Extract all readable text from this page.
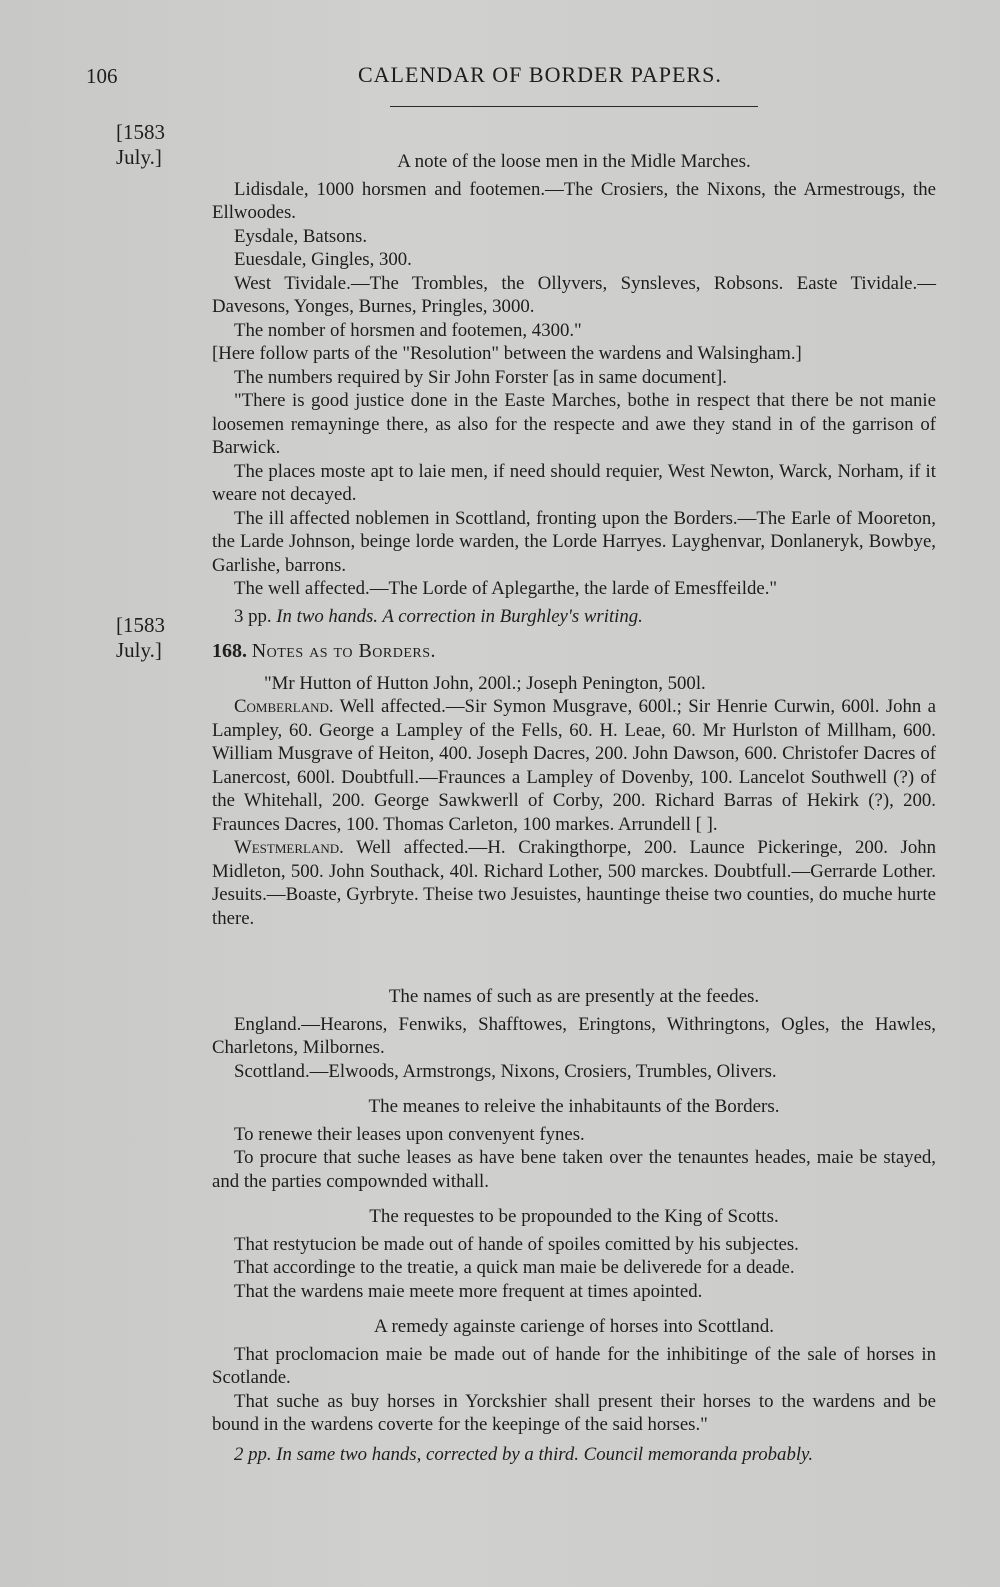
106	CALENDAR OF BORDER PAPERS.
[1583
July.]
[1583
July.]

A note of the loose men in the Midle Marches.

Lidisdale, 1000 horsmen and footemen.—The Crosiers, the Nixons, the Armestrougs, the Ellwoodes.

Eysdale, Batsons.

Euesdale, Gingles, 300.

West Tividale.—The Trombles, the Ollyvers, Synsleves, Robsons. Easte Tividale.—Davesons, Yonges, Burnes, Pringles, 3000.

The nomber of horsmen and footemen, 4300."

[Here follow parts of the "Resolution" between the wardens and Walsingham.]

The numbers required by Sir John Forster [as in same document].

"There is good justice done in the Easte Marches, bothe in respect that there be not manie loosemen remayninge there, as also for the respecte and awe they stand in of the garrison of Barwick.

The places moste apt to laie men, if need should requier, West Newton, Warck, Norham, if it weare not decayed.

The ill affected noblemen in Scottland, fronting upon the Borders.—The Earle of Mooreton, the Larde Johnson, beinge lorde warden, the Lorde Harryes. Layghenvar, Donlaneryk, Bowbye, Garlishe, barrons.

The well affected.—The Lorde of Aplegarthe, the larde of Emesffeilde."

3 pp. In two hands. A correction in Burghley's writing.

168. Notes as to Borders.

"Mr Hutton of Hutton John, 200l.; Joseph Penington, 500l.

Comberland. Well affected.—Sir Symon Musgrave, 600l.; Sir Henrie Curwin, 600l. John a Lampley, 60. George a Lampley of the Fells, 60. H. Leae, 60. Mr Hurlston of Millham, 600. William Musgrave of Heiton, 400. Joseph Dacres, 200. John Dawson, 600. Christofer Dacres of Lanercost, 600l. Doubtfull.—Fraunces a Lampley of Dovenby, 100. Lancelot Southwell (?) of the Whitehall, 200. George Sawkwerll of Corby, 200. Richard Barras of Hekirk (?), 200. Fraunces Dacres, 100. Thomas Carleton, 100 markes. Arrundell [ ].

Westmerland. Well affected.—H. Crakingthorpe, 200. Launce Pickeringe, 200. John Midleton, 500. John Southack, 40l. Richard Lother, 500 marckes. Doubtfull.—Gerrarde Lother. Jesuits.—Boaste, Gyrbryte. Theise two Jesuistes, hauntinge theise two counties, do muche hurte there.

The names of such as are presently at the feedes.

England.—Hearons, Fenwiks, Shafftowes, Eringtons, Withringtons, Ogles, the Hawles, Charletons, Milbornes.

Scottland.—Elwoods, Armstrongs, Nixons, Crosiers, Trumbles, Olivers.

The meanes to releive the inhabitaunts of the Borders.

To renewe their leases upon convenyent fynes.

To procure that suche leases as have bene taken over the tenauntes heades, maie be stayed, and the parties compownded withall.

The requestes to be propounded to the King of Scotts.

That restytucion be made out of hande of spoiles comitted by his subjectes.

That accordinge to the treatie, a quick man maie be deliverede for a deade.

That the wardens maie meete more frequent at times apointed.

A remedy againste carienge of horses into Scottland.

That proclomacion maie be made out of hande for the inhibitinge of the sale of horses in Scotlande.

That suche as buy horses in Yorckshier shall present their horses to the wardens and be bound in the wardens coverte for the keepinge of the said horses."

2 pp. In same two hands, corrected by a third. Council memoranda probably.
